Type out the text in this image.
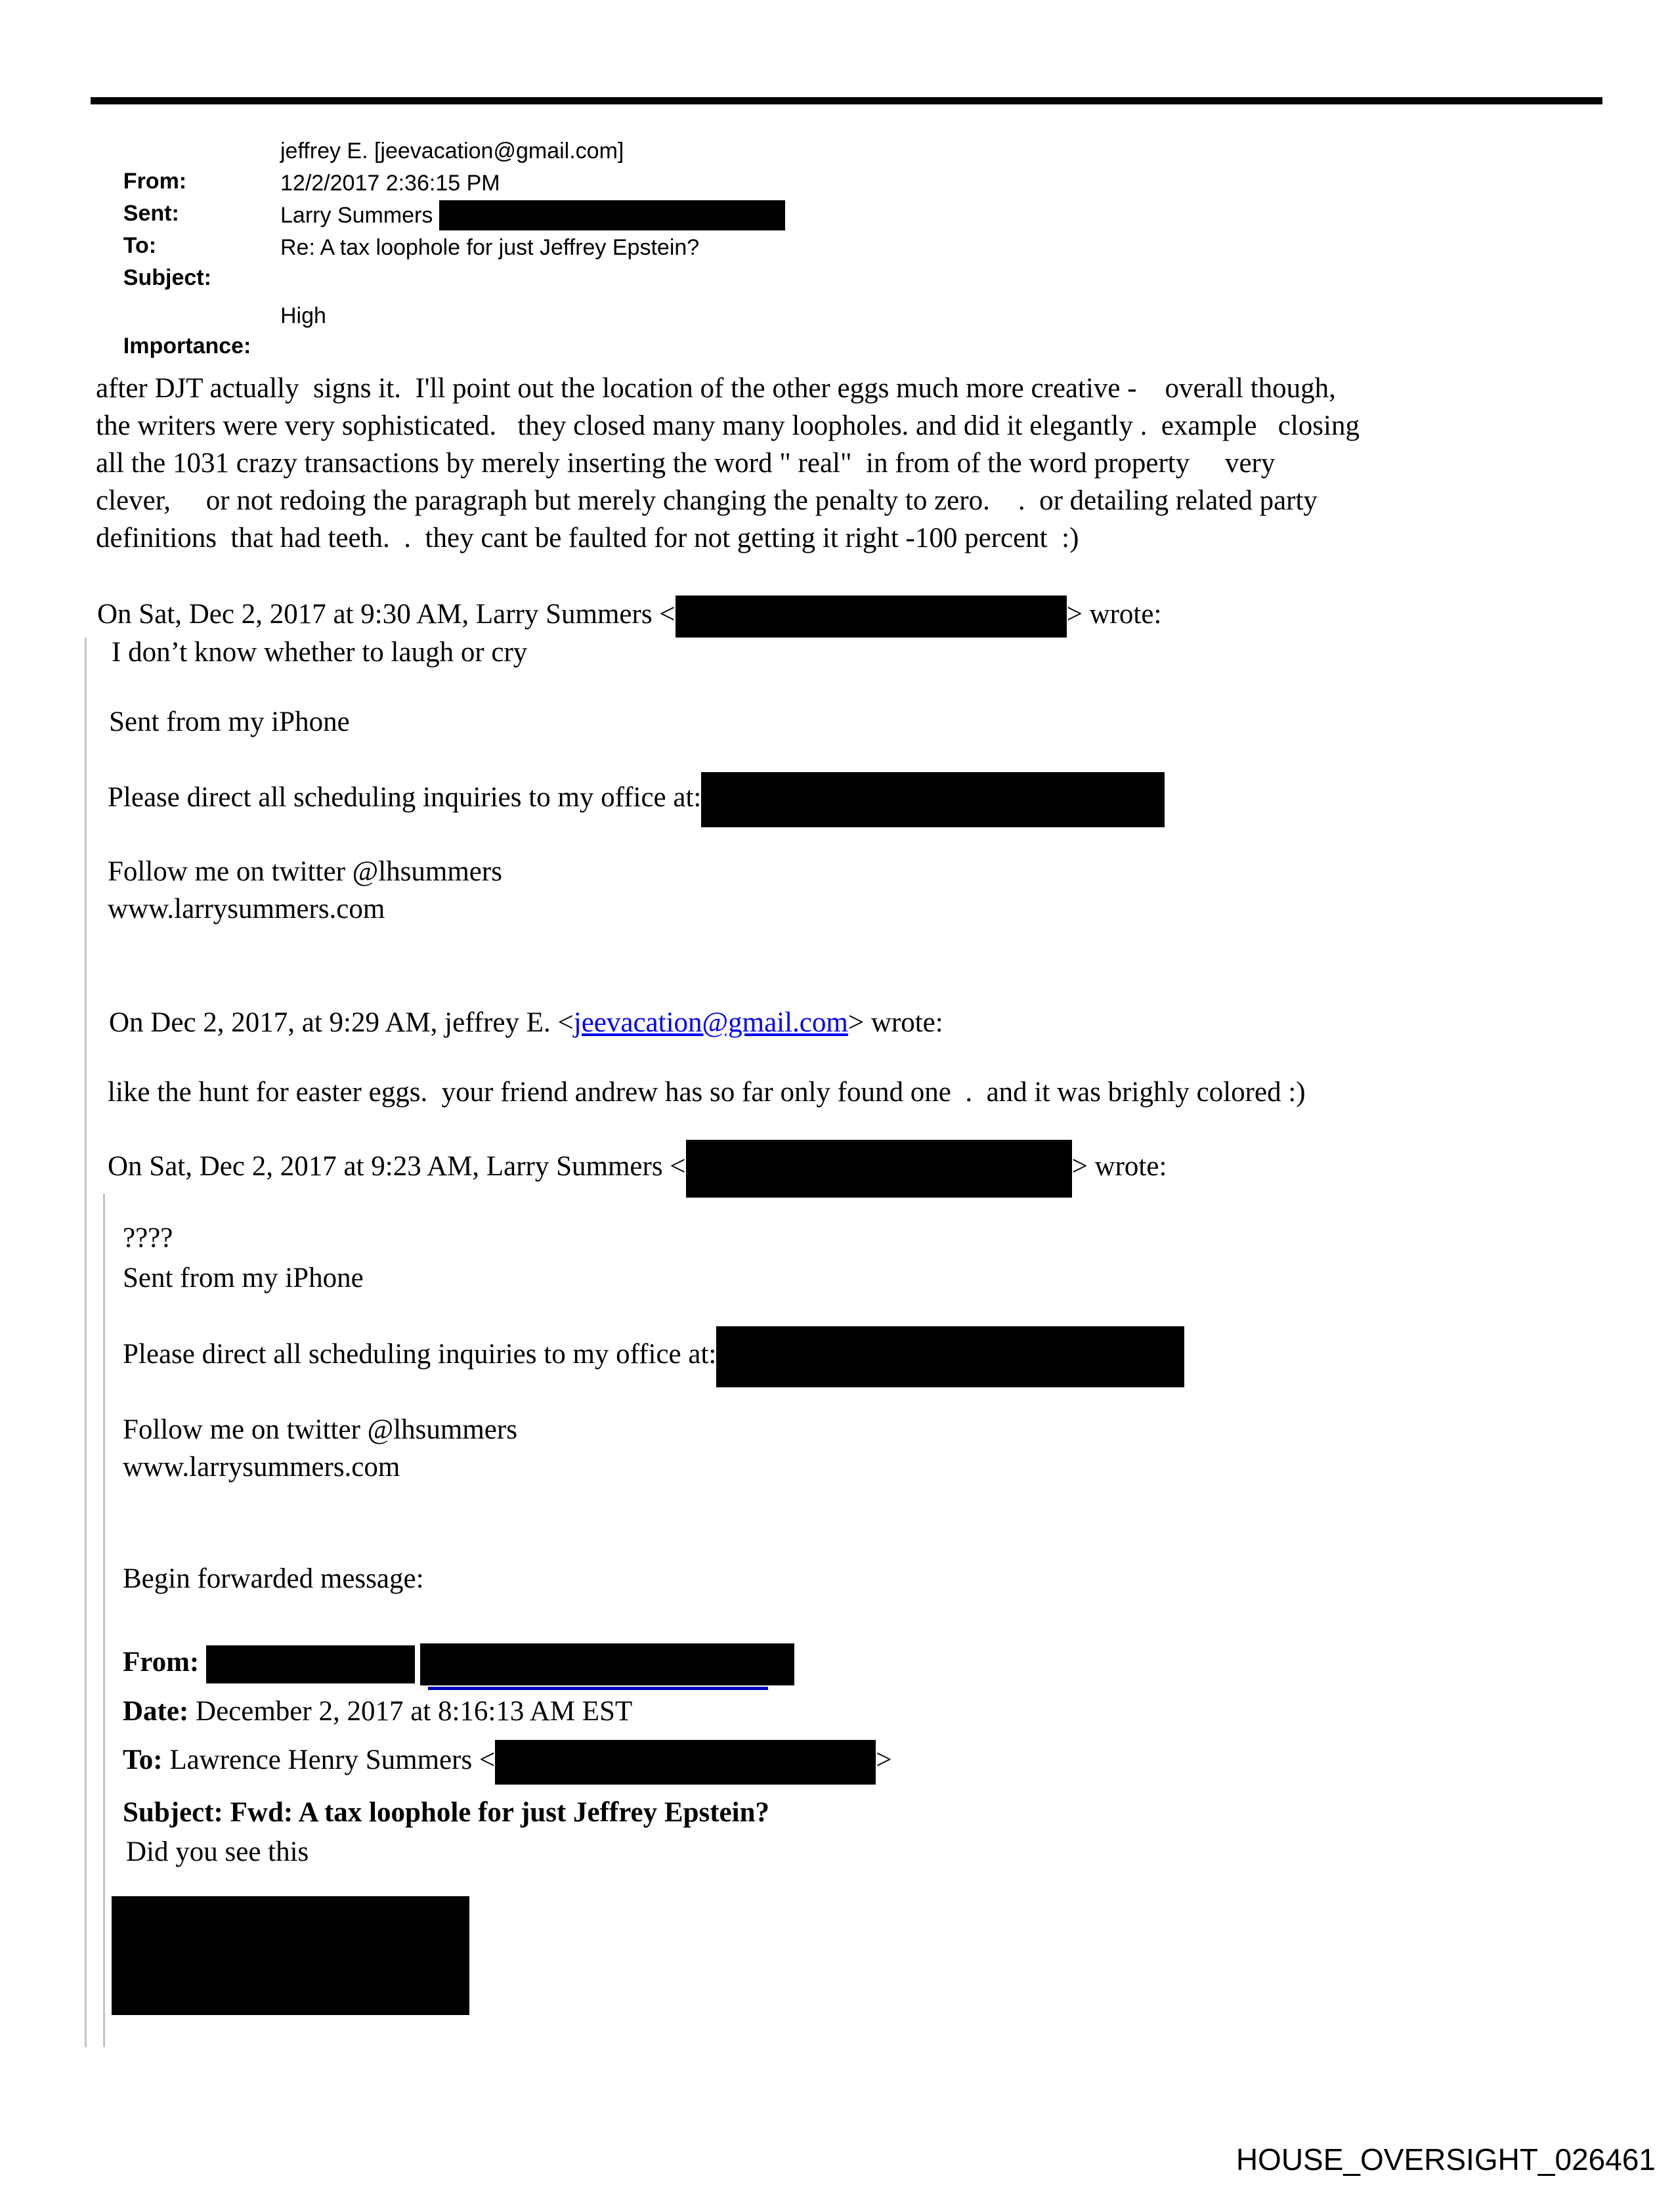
From:

jeffrey E. [jeevacation@gmail.com]

Sent:

12/2/2017 2:36:15 PM

To:

Larry Summers

Subject:

Re: A tax loophole for just Jeffrey Epstein?

Importance:

High

after DJT actually  signs it.  I'll point out the location of the other eggs much more creative -    overall though,
the writers were very sophisticated.   they closed many many loopholes. and did it elegantly .  example   closing
all the 1031 crazy transactions by merely inserting the word " real"  in from of the word property     very
clever,     or not redoing the paragraph but merely changing the penalty to zero.    .  or detailing related party
definitions  that had teeth.  .  they cant be faulted for not getting it right -100 percent  :)
On Sat, Dec 2, 2017 at 9:30 AM, Larry Summers <	> wrote:
I don’t know whether to laugh or cry
Sent from my iPhone
Please direct all scheduling inquiries to my office at:
Follow me on twitter @lhsummers
www.larrysummers.com
On Dec 2, 2017, at 9:29 AM, jeffrey E. <jeevacation@gmail.com> wrote:
like the hunt for easter eggs.  your friend andrew has so far only found one  .  and it was brighly colored :)
On Sat, Dec 2, 2017 at 9:23 AM, Larry Summers <	> wrote:
????
Sent from my iPhone
Please direct all scheduling inquiries to my office at:
Follow me on twitter @lhsummers
www.larrysummers.com
Begin forwarded message:
From:
Date: December 2, 2017 at 8:16:13 AM EST
To: Lawrence Henry Summers <	>
Subject: Fwd: A tax loophole for just Jeffrey Epstein?
Did you see this
HOUSE_OVERSIGHT_026461
